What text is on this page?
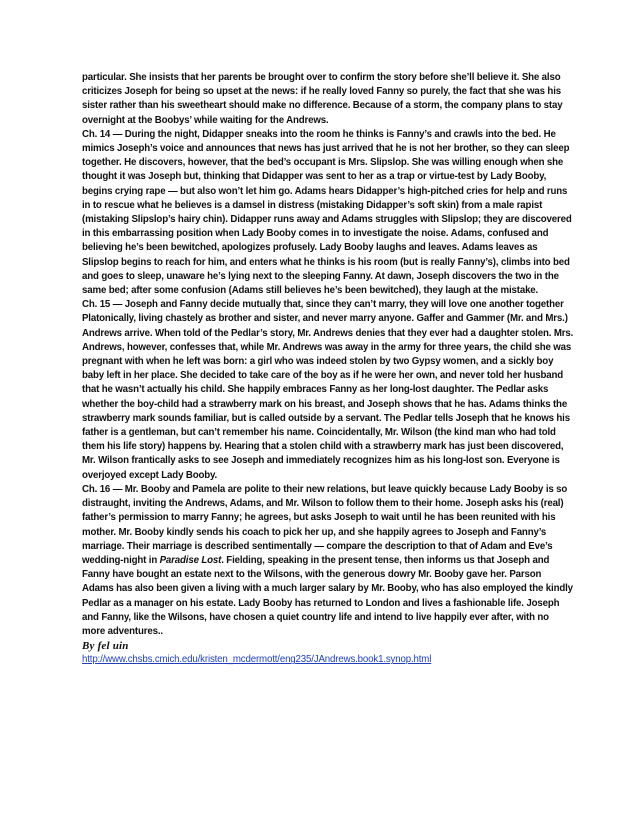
particular. She insists that her parents be brought over to confirm the story before she’ll believe it. She also criticizes Joseph for being so upset at the news: if he really loved Fanny so purely, the fact that she was his sister rather than his sweetheart should make no difference. Because of a storm, the company plans to stay overnight at the Boobys’ while waiting for the Andrews.

Ch. 14 — During the night, Didapper sneaks into the room he thinks is Fanny’s and crawls into the bed. He mimics Joseph’s voice and announces that news has just arrived that he is not her brother, so they can sleep together. He discovers, however, that the bed’s occupant is Mrs. Slipslop. She was willing enough when she thought it was Joseph but, thinking that Didapper was sent to her as a trap or virtue-test by Lady Booby, begins crying rape — but also won’t let him go. Adams hears Didapper’s high-pitched cries for help and runs in to rescue what he believes is a damsel in distress (mistaking Didapper’s soft skin) from a male rapist (mistaking Slipslop’s hairy chin). Didapper runs away and Adams struggles with Slipslop; they are discovered in this embarrassing position when Lady Booby comes in to investigate the noise. Adams, confused and believing he’s been bewitched, apologizes profusely. Lady Booby laughs and leaves. Adams leaves as Slipslop begins to reach for him, and enters what he thinks is his room (but is really Fanny’s), climbs into bed and goes to sleep, unaware he’s lying next to the sleeping Fanny. At dawn, Joseph discovers the two in the same bed; after some confusion (Adams still believes he’s been bewitched), they laugh at the mistake.

Ch. 15 — Joseph and Fanny decide mutually that, since they can’t marry, they will love one another together Platonically, living chastely as brother and sister, and never marry anyone. Gaffer and Gammer (Mr. and Mrs.) Andrews arrive. When told of the Pedlar’s story, Mr. Andrews denies that they ever had a daughter stolen. Mrs. Andrews, however, confesses that, while Mr. Andrews was away in the army for three years, the child she was pregnant with when he left was born: a girl who was indeed stolen by two Gypsy women, and a sickly boy baby left in her place. She decided to take care of the boy as if he were her own, and never told her husband that he wasn’t actually his child. She happily embraces Fanny as her long-lost daughter. The Pedlar asks whether the boy-child had a strawberry mark on his breast, and Joseph shows that he has. Adams thinks the strawberry mark sounds familiar, but is called outside by a servant. The Pedlar tells Joseph that he knows his father is a gentleman, but can’t remember his name. Coincidentally, Mr. Wilson (the kind man who had told them his life story) happens by. Hearing that a stolen child with a strawberry mark has just been discovered, Mr. Wilson frantically asks to see Joseph and immediately recognizes him as his long-lost son. Everyone is overjoyed except Lady Booby.

Ch. 16 — Mr. Booby and Pamela are polite to their new relations, but leave quickly because Lady Booby is so distraught, inviting the Andrews, Adams, and Mr. Wilson to follow them to their home. Joseph asks his (real) father’s permission to marry Fanny; he agrees, but asks Joseph to wait until he has been reunited with his mother. Mr. Booby kindly sends his coach to pick her up, and she happily agrees to Joseph and Fanny’s marriage. Their marriage is described sentimentally — compare the description to that of Adam and Eve’s wedding-night in Paradise Lost. Fielding, speaking in the present tense, then informs us that Joseph and Fanny have bought an estate next to the Wilsons, with the generous dowry Mr. Booby gave her. Parson Adams has also been given a living with a much larger salary by Mr. Booby, who has also employed the kindly Pedlar as a manager on his estate. Lady Booby has returned to London and lives a fashionable life. Joseph and Fanny, like the Wilsons, have chosen a quiet country life and intend to live happily ever after, with no more adventures..

By fel uin

http://www.chsbs.cmich.edu/kristen_mcdermott/eng235/JAndrews.book1.synop.html
